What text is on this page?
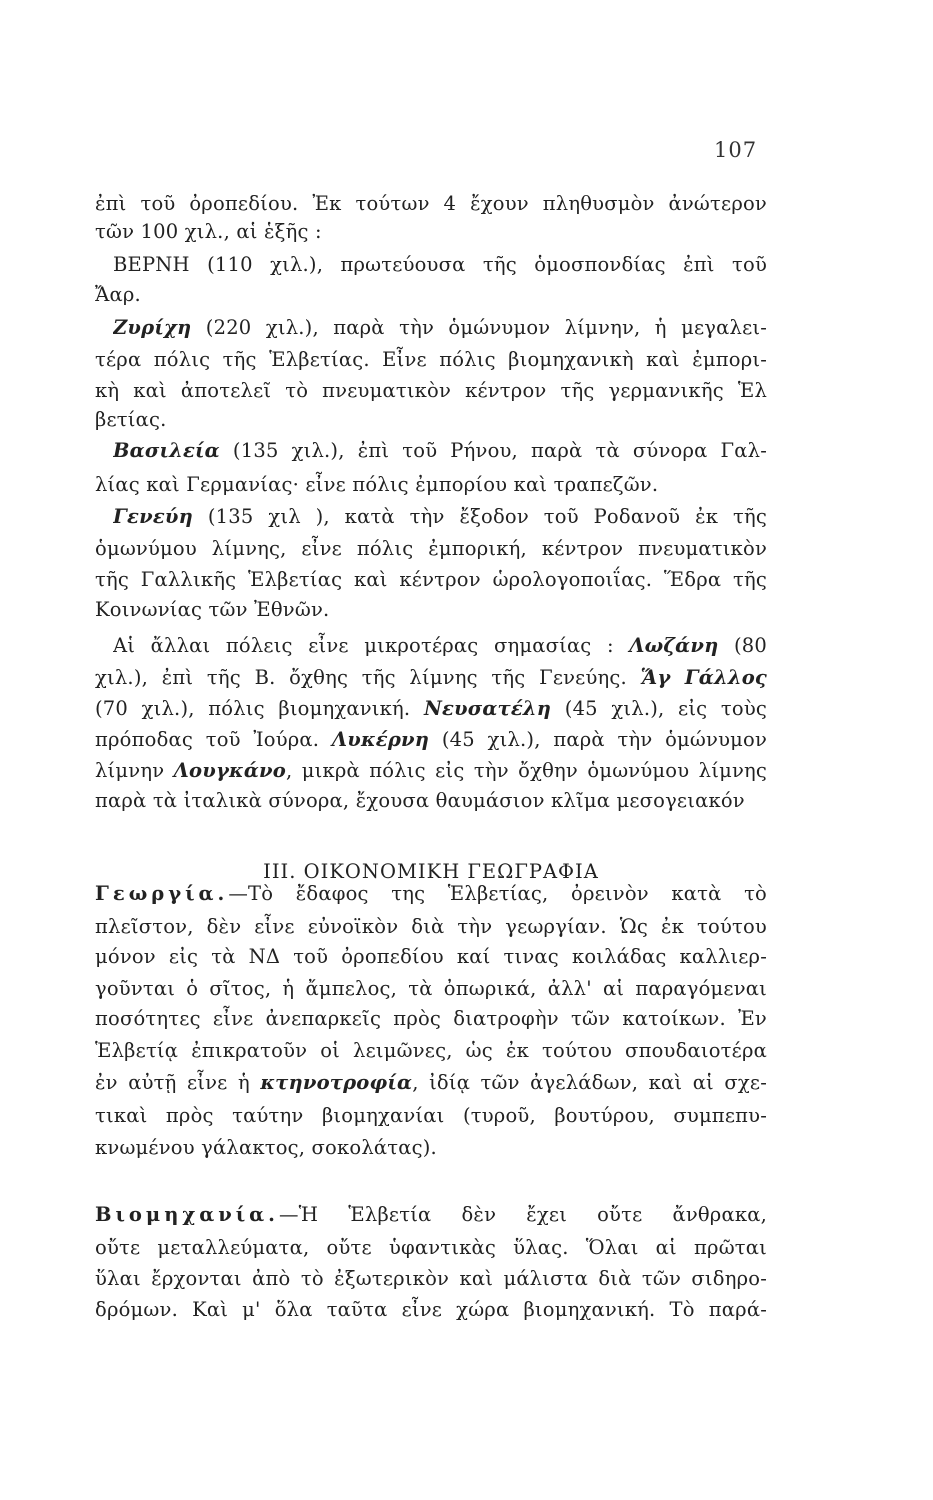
107
ΙΙΙ. ΟΙΚΟΝΟΜΙΚΗ ΓΕΩΓΡΑΦΙΑ
ἐπὶ τοῦ ὀροπεδίου. Ἐκ τούτων 4 ἔχουν πληθυσμὸν ἀνώτερον
τῶν 100 χιλ., αἱ ἑξῆς :
ΒΕΡΝΗ (110 χιλ.), πρωτεύουσα τῆς ὁμοσπονδίας ἐπὶ τοῦ
Ἄαρ.
Ζυρίχη (220 χιλ.), παρὰ τὴν ὁμώνυμον λίμνην, ἡ μεγαλει-
τέρα πόλις τῆς Ἑλβετίας. Εἶνε πόλις βιομηχανικὴ καὶ ἐμπορι-
κὴ καὶ ἀποτελεῖ τὸ πνευματικὸν κέντρον τῆς γερμανικῆς Ἑλ
βετίας.
Βασιλεία (135 χιλ.), ἐπὶ τοῦ Ρήνου, παρὰ τὰ σύνορα Γαλ-
λίας καὶ Γερμανίας· εἶνε πόλις ἐμπορίου καὶ τραπεζῶν.
Γενεύη (135 χιλ ), κατὰ τὴν ἔξοδον τοῦ Ροδανοῦ ἐκ τῆς
ὁμωνύμου λίμνης, εἶνε πόλις ἐμπορική, κέντρον πνευματικὸν
τῆς Γαλλικῆς Ἑλβετίας καὶ κέντρον ὡρολογοποιΐας. Ἕδρα τῆς
Κοινωνίας τῶν Ἐθνῶν.
Αἱ ἄλλαι πόλεις εἶνε μικροτέρας σημασίας : Λωζάνη (80
χιλ.), ἐπὶ τῆς Β. ὄχθης τῆς λίμνης τῆς Γενεύης. Ἅγ Γάλλος
(70 χιλ.), πόλις βιομηχανική. Νευσατέλη (45 χιλ.), εἰς τοὺς
πρόποδας τοῦ Ἰούρα. Λυκέρνη (45 χιλ.), παρὰ τὴν ὁμώνυμον
λίμνην Λουγκάνο, μικρὰ πόλις εἰς τὴν ὄχθην ὁμωνύμου λίμνης
παρὰ τὰ ἰταλικὰ σύνορα, ἔχουσα θαυμάσιον κλῖμα μεσογειακόν
Γεωργία.—Τὸ ἔδαφος της Ἑλβετίας, ὀρεινὸν κατὰ τὸ
πλεῖστον, δὲν εἶνε εὐνοϊκὸν διὰ τὴν γεωργίαν. Ὡς ἐκ τούτου
μόνον εἰς τὰ ΝΔ τοῦ ὀροπεδίου καί τινας κοιλάδας καλλιερ-
γοῦνται ὁ σῖτος, ἡ ἄμπελος, τὰ ὀπωρικά, ἀλλ' αἱ παραγόμεναι
ποσότητες εἶνε ἀνεπαρκεῖς πρὸς διατροφὴν τῶν κατοίκων. Ἐν
Ἑλβετίᾳ ἐπικρατοῦν οἱ λειμῶνες, ὡς ἐκ τούτου σπουδαιοτέρα
ἐν αὐτῇ εἶνε ἡ κτηνοτροφία, ἰδίᾳ τῶν ἀγελάδων, καὶ αἱ σχε-
τικαὶ πρὸς ταύτην βιομηχανίαι (τυροῦ, βουτύρου, συμπεπυ-
κνωμένου γάλακτος, σοκολάτας).
Βιομηχανία.—Ἡ Ἑλβετία δὲν ἔχει οὔτε ἄνθρακα,
οὔτε μεταλλεύματα, οὔτε ὑφαντικὰς ὕλας. Ὅλαι αἱ πρῶται
ὕλαι ἔρχονται ἀπὸ τὸ ἐξωτερικὸν καὶ μάλιστα διὰ τῶν σιδηρο-
δρόμων. Καὶ μ' ὅλα ταῦτα εἶνε χώρα βιομηχανική. Τὸ παρά-
